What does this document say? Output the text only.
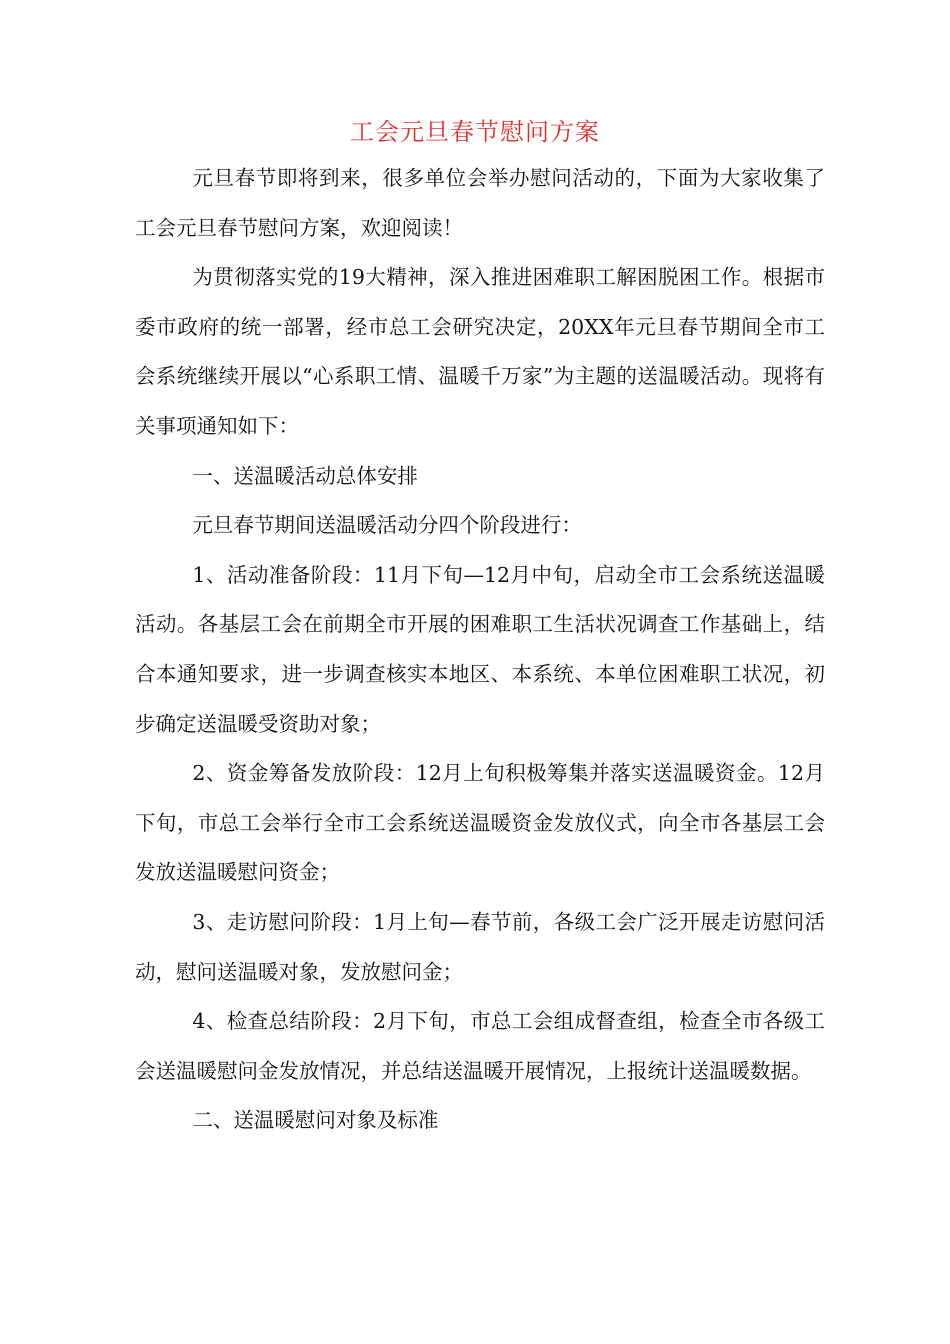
工会元旦春节慰问方案

元旦春节即将到来，很多单位会举办慰问活动的，下面为大家收集了工会元旦春节慰问方案，欢迎阅读！

为贯彻落实党的19大精神，深入推进困难职工解困脱困工作。根据市委市政府的统一部署，经市总工会研究决定，20XX年元旦春节期间全市工会系统继续开展以“心系职工情、温暖千万家”为主题的送温暖活动。现将有关事项通知如下：

一、送温暖活动总体安排

元旦春节期间送温暖活动分四个阶段进行：

1、活动准备阶段：11月下旬—12月中旬，启动全市工会系统送温暖活动。各基层工会在前期全市开展的困难职工生活状况调查工作基础上，结合本通知要求，进一步调查核实本地区、本系统、本单位困难职工状况，初步确定送温暖受资助对象；

2、资金筹备发放阶段：12月上旬积极筹集并落实送温暖资金。12月下旬，市总工会举行全市工会系统送温暖资金发放仪式，向全市各基层工会发放送温暖慰问资金；

3、走访慰问阶段：1月上旬—春节前，各级工会广泛开展走访慰问活动，慰问送温暖对象，发放慰问金；

4、检查总结阶段：2月下旬，市总工会组成督查组，检查全市各级工会送温暖慰问金发放情况，并总结送温暖开展情况，上报统计送温暖数据。

二、送温暖慰问对象及标准
